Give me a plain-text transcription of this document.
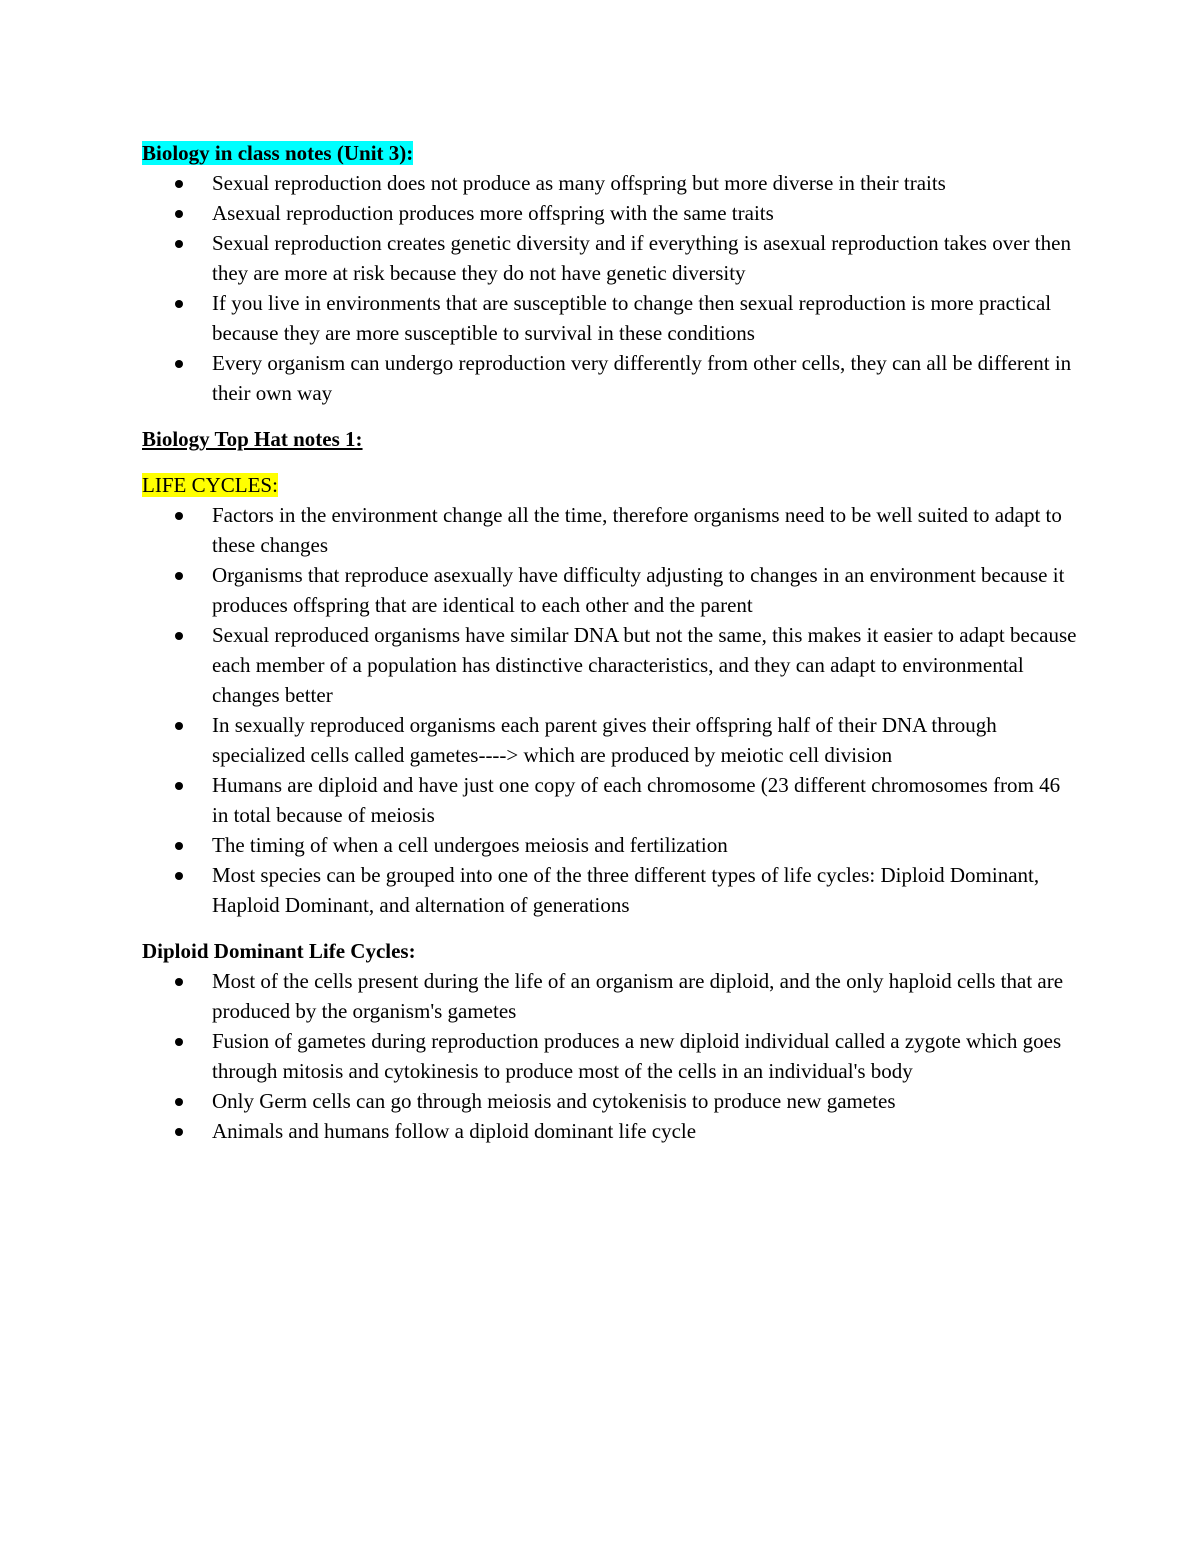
Biology in class notes (Unit 3):

Sexual reproduction does not produce as many offspring but more diverse in their traits
Asexual reproduction produces more offspring with the same traits
Sexual reproduction creates genetic diversity and if everything is asexual reproduction takes over then they are more at risk because they do not have genetic diversity
If you live in environments that are susceptible to change then sexual reproduction is more practical because they are more susceptible to survival in these conditions
Every organism can undergo reproduction very differently from other cells, they can all be different in their own way

Biology Top Hat notes 1:

LIFE CYCLES:

Factors in the environment change all the time, therefore organisms need to be well suited to adapt to these changes
Organisms that reproduce asexually have difficulty adjusting to changes in an environment because it produces offspring that are identical to each other and the parent
Sexual reproduced organisms have similar DNA but not the same, this makes it easier to adapt because each member of a population has distinctive characteristics, and they can adapt to environmental changes better
In sexually reproduced organisms each parent gives their offspring half of their DNA through specialized cells called gametes----> which are produced by meiotic cell division
Humans are diploid and have just one copy of each chromosome (23 different chromosomes from 46 in total because of meiosis
The timing of when a cell undergoes meiosis and fertilization
Most species can be grouped into one of the three different types of life cycles: Diploid Dominant, Haploid Dominant, and alternation of generations

Diploid Dominant Life Cycles:

Most of the cells present during the life of an organism are diploid, and the only haploid cells that are produced by the organism's gametes
Fusion of gametes during reproduction produces a new diploid individual called a zygote which goes through mitosis and cytokinesis to produce most of the cells in an individual's body
Only Germ cells can go through meiosis and cytokenisis to produce new gametes
Animals and humans follow a diploid dominant life cycle
